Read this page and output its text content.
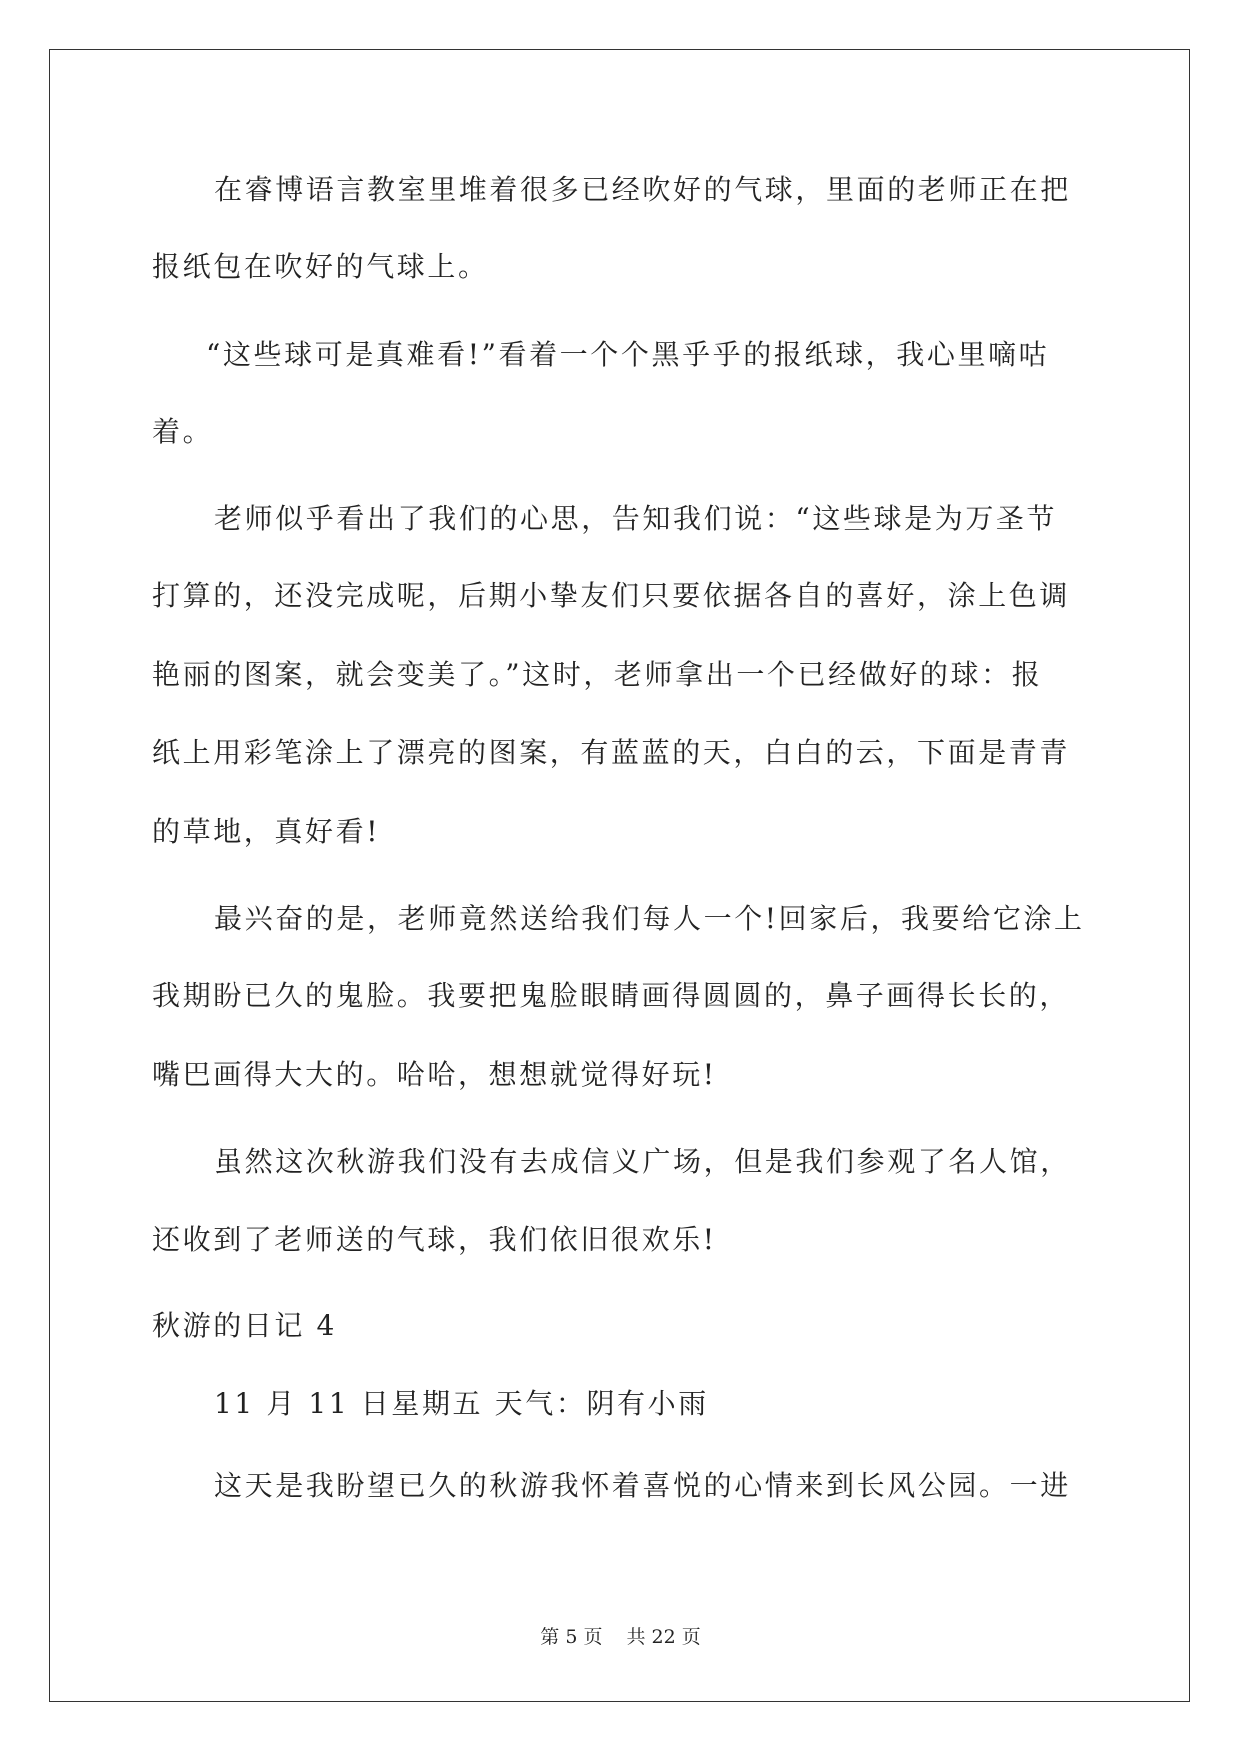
在睿博语言教室里堆着很多已经吹好的气球，里面的老师正在把
报纸包在吹好的气球上。
“这些球可是真难看!”看着一个个黑乎乎的报纸球，我心里嘀咕
着。
老师似乎看出了我们的心思，告知我们说：“这些球是为万圣节
打算的，还没完成呢，后期小挚友们只要依据各自的喜好，涂上色调
艳丽的图案，就会变美了。”这时，老师拿出一个已经做好的球：报
纸上用彩笔涂上了漂亮的图案，有蓝蓝的天，白白的云，下面是青青
的草地，真好看!
最兴奋的是，老师竟然送给我们每人一个!回家后，我要给它涂上
我期盼已久的鬼脸。我要把鬼脸眼睛画得圆圆的，鼻子画得长长的，
嘴巴画得大大的。哈哈，想想就觉得好玩!
虽然这次秋游我们没有去成信义广场，但是我们参观了名人馆，
还收到了老师送的气球，我们依旧很欢乐!
秋游的日记 4
11 月 11 日星期五 天气：阴有小雨
这天是我盼望已久的秋游我怀着喜悦的心情来到长风公园。一进
第 5 页 共 22 页
